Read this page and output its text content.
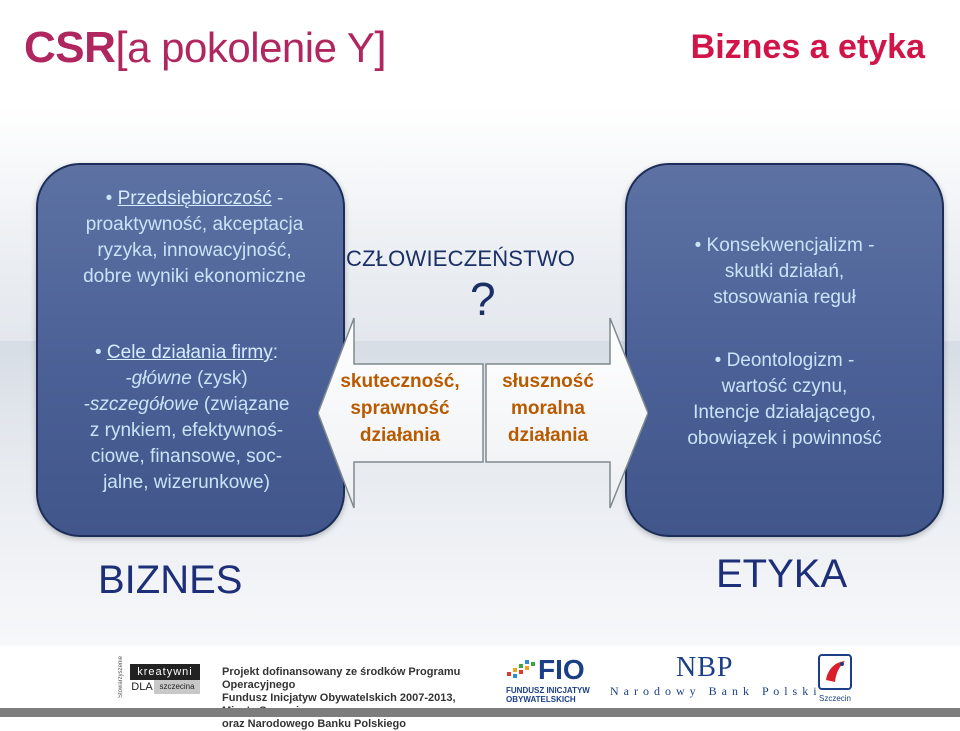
CSR[a pokolenie Y]	Biznes a etyka
• Przedsiębiorczość -
proaktywność, akceptacja
ryzyka, innowacyjność,
dobre wyniki ekonomiczne
• Cele działania firmy:
-główne (zysk)
-szczegółowe (związane
z rynkiem, efektywnoś-
ciowe, finansowe, soc-
jalne, wizerunkowe)
• Konsekwencjalizm -
skutki działań,
stosowania reguł
• Deontologizm -
wartość czynu,
Intencje działającego,
obowiązek i powinność
CZŁOWIECZEŃSTWO
?
skuteczność,
sprawność
działania
słuszność
moralna
działania
BIZNES	ETYKA
Stowarzyszenie	kreatywni
DLA szczecina
Projekt dofinansowany ze środków Programu Operacyjnego
Fundusz Inicjatyw Obywatelskich 2007-2013,
oraz Narodowego Banku Polskiego
FIO
FUNDUSZ INICJATYW
OBYWATELSKICH
NBP
N a r o d o w y   B a n k   P o l s k i
Szczecin
